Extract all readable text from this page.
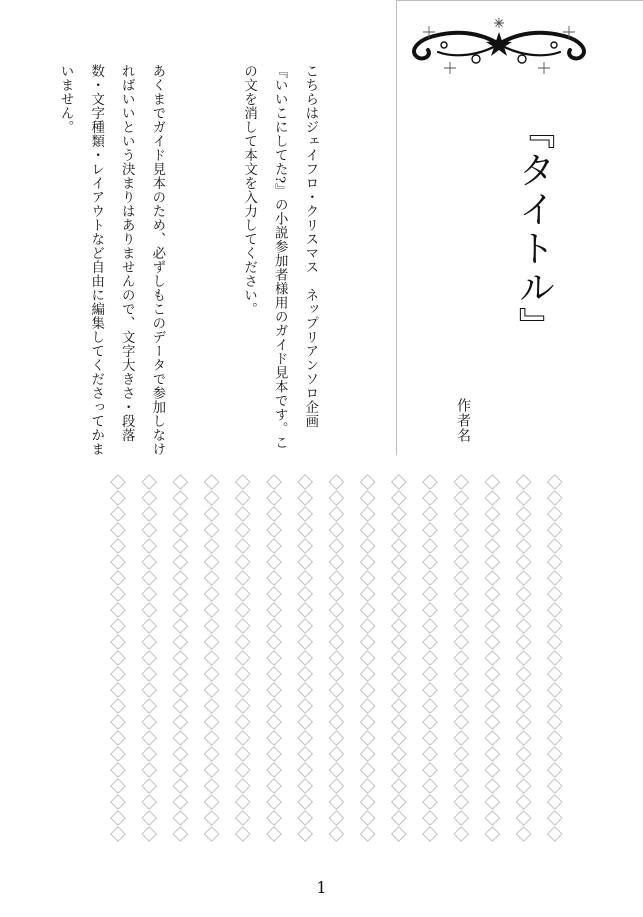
『タイトル』
作者名

こちらはジェイフロ・クリスマス　ネップリアンソロ企画　『いいこにしてた?』の小説参加者様用のガイド見本です。この文を消して本文を入力してください。

あくまでガイド見本のため、必ずしもこのデータで参加しなければいいという決まりはありませんので、文字大きさ・段落数・文字種類・レイアウトなど自由に編集してくださってかまいません。

1
